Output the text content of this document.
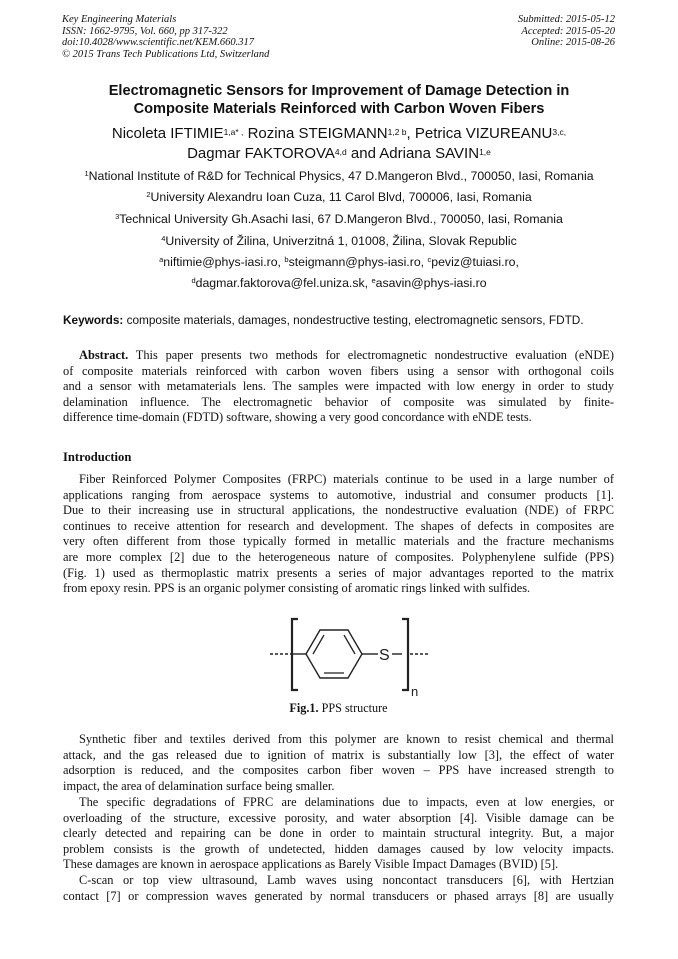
Key Engineering Materials
ISSN: 1662-9795, Vol. 660, pp 317-322
doi:10.4028/www.scientific.net/KEM.660.317
© 2015 Trans Tech Publications Ltd, Switzerland
Submitted: 2015-05-12
Accepted: 2015-05-20
Online: 2015-08-26
Electromagnetic Sensors for Improvement of Damage Detection in
Composite Materials Reinforced with Carbon Woven Fibers
Nicoleta $IFTIMIE^{1,a* ,}$ Rozina $STEIGMANN^{1,2 b}$, Petrica $VIZUREANU^{3,c,}$
Dagmar FAKTOROVA$^{4,d}$ and Adriana SAVIN$^{1,e}$
$^1$National Institute of R&D for Technical Physics, 47 D.Mangeron Blvd., 700050, Iasi, Romania
$^2$University Alexandru Ioan Cuza, 11 Carol Blvd, 700006, Iasi, Romania
$^3$Technical University Gh.Asachi Iasi, 67 D.Mangeron Blvd., 700050, Iasi, Romania
$^4$University of Žilina, Univerzitná 1, 01008, Žilina, Slovak Republic
$^a$niftimie@phys-iasi.ro, $^b$steigmann@phys-iasi.ro, $^c$peviz@tuiasi.ro,
$^d$dagmar.faktorova@fel.uniza.sk, $^e$asavin@phys-iasi.ro
Keywords: composite materials, damages, nondestructive testing, electromagnetic sensors, FDTD.
Abstract. This paper presents two methods for electromagnetic nondestructive evaluation (eNDE)
of composite materials reinforced with carbon woven fibers using a sensor with orthogonal coils
and a sensor with metamaterials lens. The samples were impacted with low energy in order to study
delamination influence. The electromagnetic behavior of composite was simulated by finite-
difference time-domain (FDTD) software, showing a very good concordance with eNDE tests.
Introduction
Fiber Reinforced Polymer Composites (FRPC) materials continue to be used in a large number of
applications ranging from aerospace systems to automotive, industrial and consumer products [1].
Due to their increasing use in structural applications, the nondestructive evaluation (NDE) of FRPC
continues to receive attention for research and development. The shapes of defects in composites are
very often different from those typically formed in metallic materials and the fracture mechanisms
are more complex [2] due to the heterogeneous nature of composites. Polyphenylene sulfide (PPS)
(Fig. 1) used as thermoplastic matrix presents a series of major advantages reported to the matrix
from epoxy resin. PPS is an organic polymer consisting of aromatic rings linked with sulfides.
S
n
Fig.1. PPS structure
Synthetic fiber and textiles derived from this polymer are known to resist chemical and thermal
attack, and the gas released due to ignition of matrix is substantially low [3], the effect of water
adsorption is reduced, and the composites carbon fiber woven – PPS have increased strength to
impact, the area of delamination surface being smaller.
The specific degradations of FPRC are delaminations due to impacts, even at low energies, or
overloading of the structure, excessive porosity, and water absorption [4]. Visible damage can be
clearly detected and repairing can be done in order to maintain structural integrity. But, a major
problem consists is the growth of undetected, hidden damages caused by low velocity impacts.
These damages are known in aerospace applications as Barely Visible Impact Damages (BVID) [5].
C-scan or top view ultrasound, Lamb waves using noncontact transducers [6], with Hertzian
contact [7] or compression waves generated by normal transducers or phased arrays [8] are usually
